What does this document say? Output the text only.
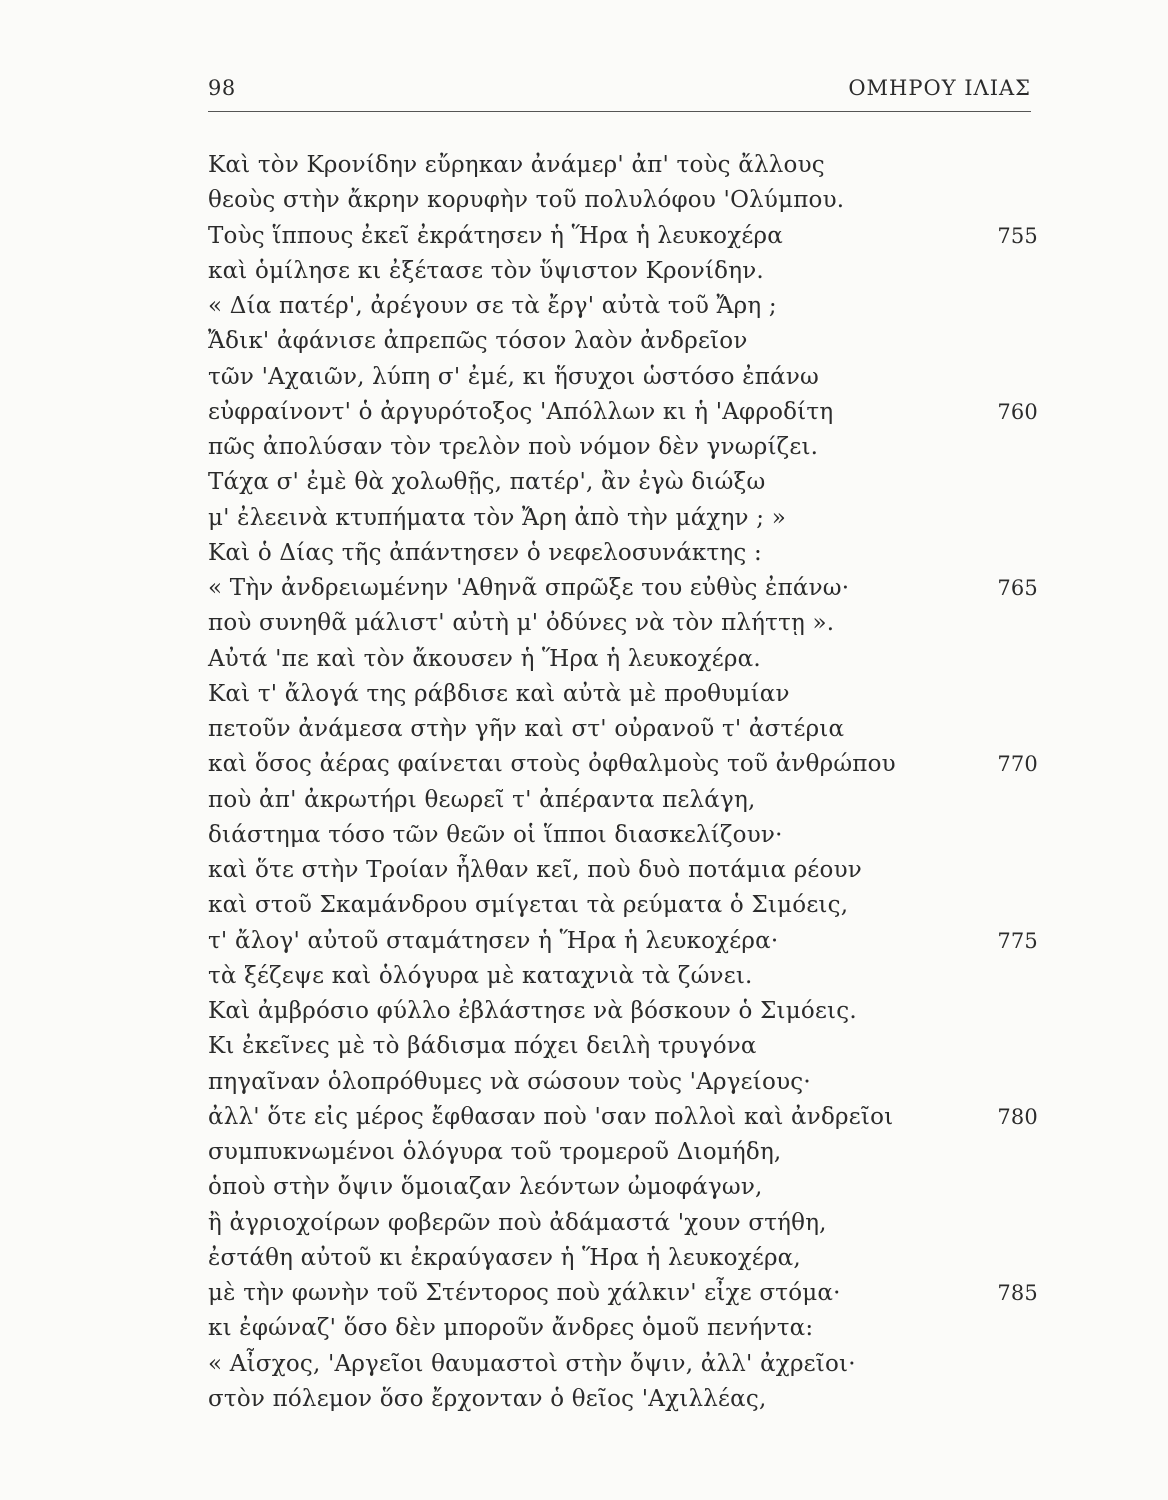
98	ΟΜΗΡΟΥ ΙΛΙΑΣ
Καὶ τὸν Κρονίδην εὔρηκαν ἀνάμερ' ἀπ' τοὺς ἄλλους
θεοὺς στὴν ἄκρην κορυφὴν τοῦ πολυλόφου 'Ολύμπου.
Τοὺς ἵππους ἐκεῖ ἐκράτησεν ἡ Ἥρα ἡ λευκοχέρα	755
καὶ ὁμίλησε κι ἐξέτασε τὸν ὕψιστον Κρονίδην.
« Δία πατέρ', ἀρέγουν σε τὰ ἔργ' αὐτὰ τοῦ Ἄρη ;
Ἄδικ' ἀφάνισε ἀπρεπῶς τόσον λαὸν ἀνδρεῖον
τῶν 'Αχαιῶν, λύπη σ' ἐμέ, κι ἥσυχοι ὡστόσο ἐπάνω
εὐφραίνοντ' ὁ ἀργυρότοξος 'Απόλλων κι ἡ 'Αφροδίτη	760
πῶς ἀπολύσαν τὸν τρελὸν ποὺ νόμον δὲν γνωρίζει.
Τάχα σ' ἐμὲ θὰ χολωθῇς, πατέρ', ἂν ἐγὼ διώξω
μ' ἐλεεινὰ κτυπήματα τὸν Ἄρη ἀπὸ τὴν μάχην ; »
Καὶ ὁ Δίας τῆς ἀπάντησεν ὁ νεφελοσυνάκτης :
« Τὴν ἀνδρειωμένην 'Αθηνᾶ σπρῶξε του εὐθὺς ἐπάνω·	765
ποὺ συνηθᾶ μάλιστ' αὐτὴ μ' ὀδύνες νὰ τὸν πλήττῃ ».
Αὐτά 'πε καὶ τὸν ἄκουσεν ἡ Ἥρα ἡ λευκοχέρα.
Καὶ τ' ἄλογά της ράβδισε καὶ αὐτὰ μὲ προθυμίαν
πετοῦν ἀνάμεσα στὴν γῆν καὶ στ' οὐρανοῦ τ' ἀστέρια
καὶ ὅσος ἀέρας φαίνεται στοὺς ὀφθαλμοὺς τοῦ ἀνθρώπου	770
ποὺ ἀπ' ἀκρωτήρι θεωρεῖ τ' ἀπέραντα πελάγη,
διάστημα τόσο τῶν θεῶν οἱ ἵπποι διασκελίζουν·
καὶ ὅτε στὴν Τροίαν ἦλθαν κεῖ, ποὺ δυὸ ποτάμια ρέουν
καὶ στοῦ Σκαμάνδρου σμίγεται τὰ ρεύματα ὁ Σιμόεις,
τ' ἄλογ' αὐτοῦ σταμάτησεν ἡ Ἥρα ἡ λευκοχέρα·	775
τὰ ξέζεψε καὶ ὁλόγυρα μὲ καταχνιὰ τὰ ζώνει.
Καὶ ἀμβρόσιο φύλλο ἐβλάστησε νὰ βόσκουν ὁ Σιμόεις.
Κι ἐκεῖνες μὲ τὸ βάδισμα πόχει δειλὴ τρυγόνα
πηγαῖναν ὁλοπρόθυμες νὰ σώσουν τοὺς 'Αργείους·
ἀλλ' ὅτε εἰς μέρος ἔφθασαν ποὺ 'σαν πολλοὶ καὶ ἀνδρεῖοι	780
συμπυκνωμένοι ὁλόγυρα τοῦ τρομεροῦ Διομήδη,
ὁποὺ στὴν ὄψιν ὅμοιαζαν λεόντων ὠμοφάγων,
ἢ ἀγριοχοίρων φοβερῶν ποὺ ἀδάμαστά 'χουν στήθη,
ἐστάθη αὐτοῦ κι ἐκραύγασεν ἡ Ἥρα ἡ λευκοχέρα,
μὲ τὴν φωνὴν τοῦ Στέντορος ποὺ χάλκιν' εἶχε στόμα·	785
κι ἐφώναζ' ὅσο δὲν μποροῦν ἄνδρες ὁμοῦ πενήντα:
« Αἶσχος, 'Αργεῖοι θαυμαστοὶ στὴν ὄψιν, ἀλλ' ἀχρεῖοι·
στὸν πόλεμον ὅσο ἔρχονταν ὁ θεῖος 'Αχιλλέας,
